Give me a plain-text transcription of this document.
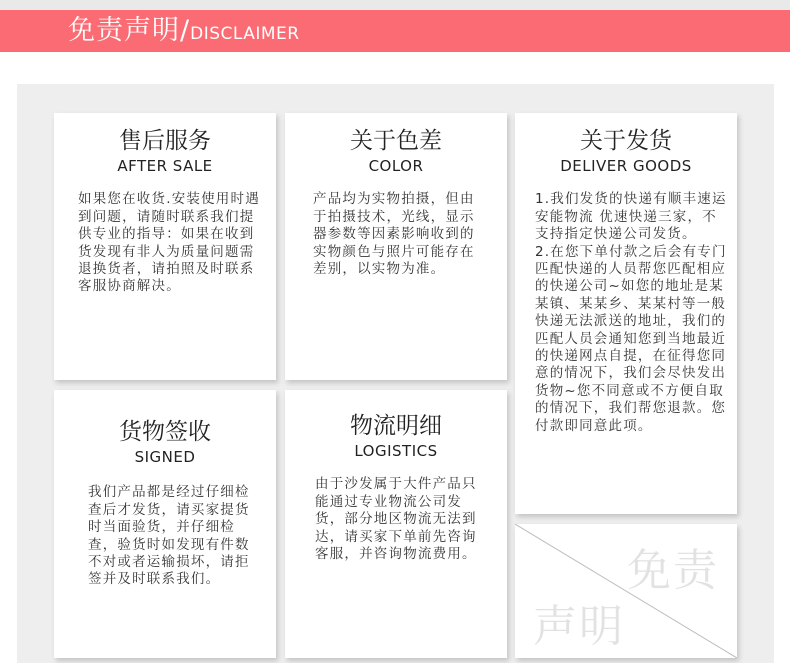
免责声明/DISCLAIMER
售后服务
AFTER SALE
如果您在收货.安装使用时遇到问题，请随时联系我们提供专业的指导：如果在收到货发现有非人为质量问题需退换货者，请拍照及时联系客服协商解决。
关于色差
COLOR
产品均为实物拍摄，但由于拍摄技术，光线，显示器参数等因素影响收到的实物颜色与照片可能存在差别，以实物为准。
关于发货
DELIVER GOODS
1.我们发货的快递有顺丰速运 安能物流 优速快递三家，不支持指定快递公司发货。
2.在您下单付款之后会有专门匹配快递的人员帮您匹配相应的快递公司~如您的地址是某某镇、某某乡、某某村等一般快递无法派送的地址，我们的匹配人员会通知您到当地最近的快递网点自提，在征得您同意的情况下，我们会尽快发出货物~您不同意或不方便自取的情况下，我们帮您退款。您付款即同意此项。
货物签收
SIGNED
我们产品都是经过仔细检查后才发货，请买家提货时当面验货，并仔细检查，验货时如发现有件数不对或者运输损坏，请拒签并及时联系我们。
物流明细
LOGISTICS
由于沙发属于大件产品只能通过专业物流公司发货，部分地区物流无法到达，请买家下单前先咨询客服，并咨询物流费用。	免责
声明
